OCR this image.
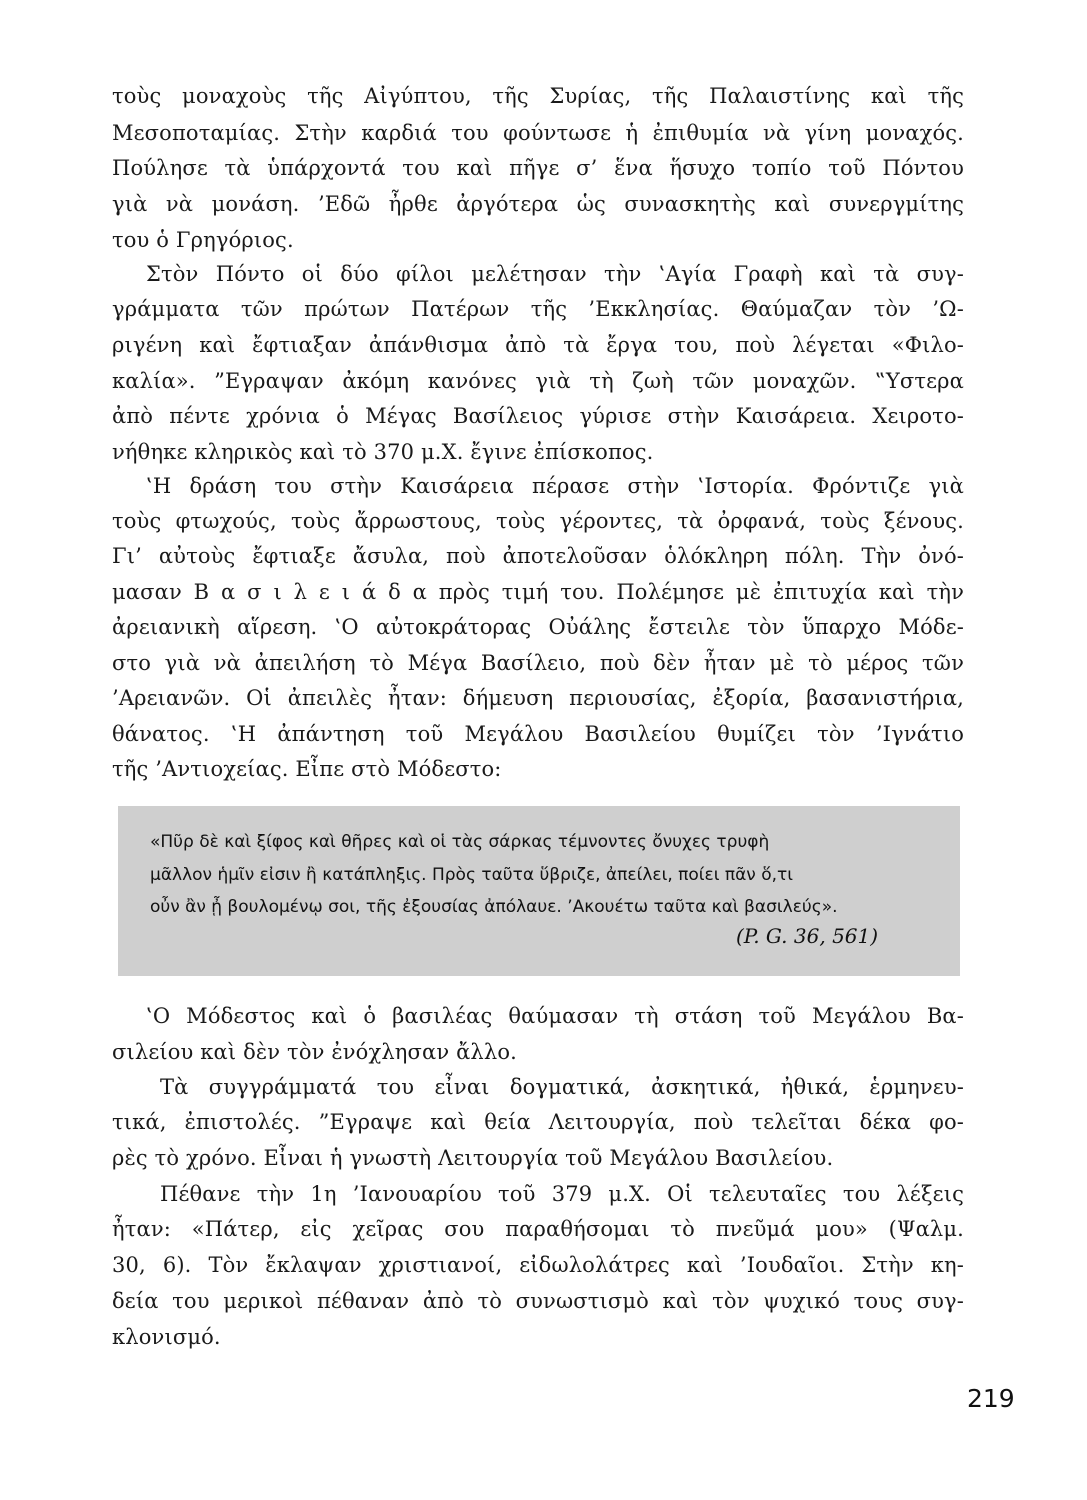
τοὺς μοναχοὺς τῆς Αἰγύπτου, τῆς Συρίας, τῆς Παλαιστίνης καὶ τῆς
Μεσοποταμίας. Στὴν καρδιά του φούντωσε ἡ ἐπιθυμία νὰ γίνη μοναχός.
Πούλησε τὰ ὑπάρχοντά του καὶ πῆγε σ’ ἕνα ἥσυχο τοπίο τοῦ Πόντου
γιὰ νὰ μονάση. ’Εδῶ ἦρθε ἀργότερα ὡς συνασκητὴς καὶ συνεργμίτης
του ὁ Γρηγόριος.
Στὸν Πόντο οἱ δύο φίλοι μελέτησαν τὴν ‛Αγία Γραφὴ καὶ τὰ συγ-
γράμματα τῶν πρώτων Πατέρων τῆς ’Εκκλησίας. Θαύμαζαν τὸν ’Ω-
ριγένη καὶ ἔφτιαξαν ἀπάνθισμα ἀπὸ τὰ ἔργα του, ποὺ λέγεται «Φιλο-
καλία». ”Εγραψαν ἀκόμη κανόνες γιὰ τὴ ζωὴ τῶν μοναχῶν. ‟Υστερα
ἀπὸ πέντε χρόνια ὁ Μέγας Βασίλειος γύρισε στὴν Καισάρεια. Χειροτο-
νήθηκε κληρικὸς καὶ τὸ 370 μ.Χ. ἔγινε ἐπίσκοπος.
‛Η δράση του στὴν Καισάρεια πέρασε στὴν ‛Ιστορία. Φρόντιζε γιὰ
τοὺς φτωχούς, τοὺς ἄρρωστους, τοὺς γέροντες, τὰ ὀρφανά, τοὺς ξένους.
Γι’ αὐτοὺς ἔφτιαξε ἄσυλα, ποὺ ἀποτελοῦσαν ὁλόκληρη πόλη. Τὴν ὀνό-
μασαν Β α σ ι λ ε ι ά δ α πρὸς τιμή του. Πολέμησε μὲ ἐπιτυχία καὶ τὴν
ἀρειανικὴ αἵρεση. ‛Ο αὐτοκράτορας Οὐάλης ἔστειλε τὸν ὕπαρχο Μόδε-
στο γιὰ νὰ ἀπειλήση τὸ Μέγα Βασίλειο, ποὺ δὲν ἦταν μὲ τὸ μέρος τῶν
’Αρειανῶν. Οἱ ἀπειλὲς ἦταν: δήμευση περιουσίας, ἐξορία, βασανιστήρια,
θάνατος. ‛Η ἀπάντηση τοῦ Μεγάλου Βασιλείου θυμίζει τὸν ’Ιγνάτιο
τῆς ’Αντιοχείας. Εἶπε στὸ Μόδεστο:
«Πῦρ δὲ καὶ ξίφος καὶ θῆρες καὶ οἱ τὰς σάρκας τέμνοντες ὄνυχες τρυφὴ
μᾶλλον ἡμῖν εἰσιν ἢ κατάπληξις. Πρὸς ταῦτα ὕβριζε, ἀπείλει, ποίει πᾶν ὅ,τι
οὖν ἂν ᾖ βουλομένῳ σοι, τῆς ἐξουσίας ἀπόλαυε. ’Ακουέτω ταῦτα καὶ βασιλεύς».
(P. G. 36, 561)
‛Ο Μόδεστος καὶ ὁ βασιλέας θαύμασαν τὴ στάση τοῦ Μεγάλου Βα-
σιλείου καὶ δὲν τὸν ἐνόχλησαν ἄλλο.
Τὰ συγγράμματά του εἶναι δογματικά, ἀσκητικά, ἠθικά, ἑρμηνευ-
τικά, ἐπιστολές. ”Εγραψε καὶ θεία Λειτουργία, ποὺ τελεῖται δέκα φο-
ρὲς τὸ χρόνο. Εἶναι ἡ γνωστὴ Λειτουργία τοῦ Μεγάλου Βασιλείου.
Πέθανε τὴν 1η ’Ιανουαρίου τοῦ 379 μ.Χ. Οἱ τελευταῖες του λέξεις
ἦταν: «Πάτερ, εἰς χεῖρας σου παραθήσομαι τὸ πνεῦμά μου» (Ψαλμ.
30, 6). Τὸν ἔκλαψαν χριστιανοί, εἰδωλολάτρες καὶ ’Ιουδαῖοι. Στὴν κη-
δεία του μερικοὶ πέθαναν ἀπὸ τὸ συνωστισμὸ καὶ τὸν ψυχικό τους συγ-
κλονισμό.
219
